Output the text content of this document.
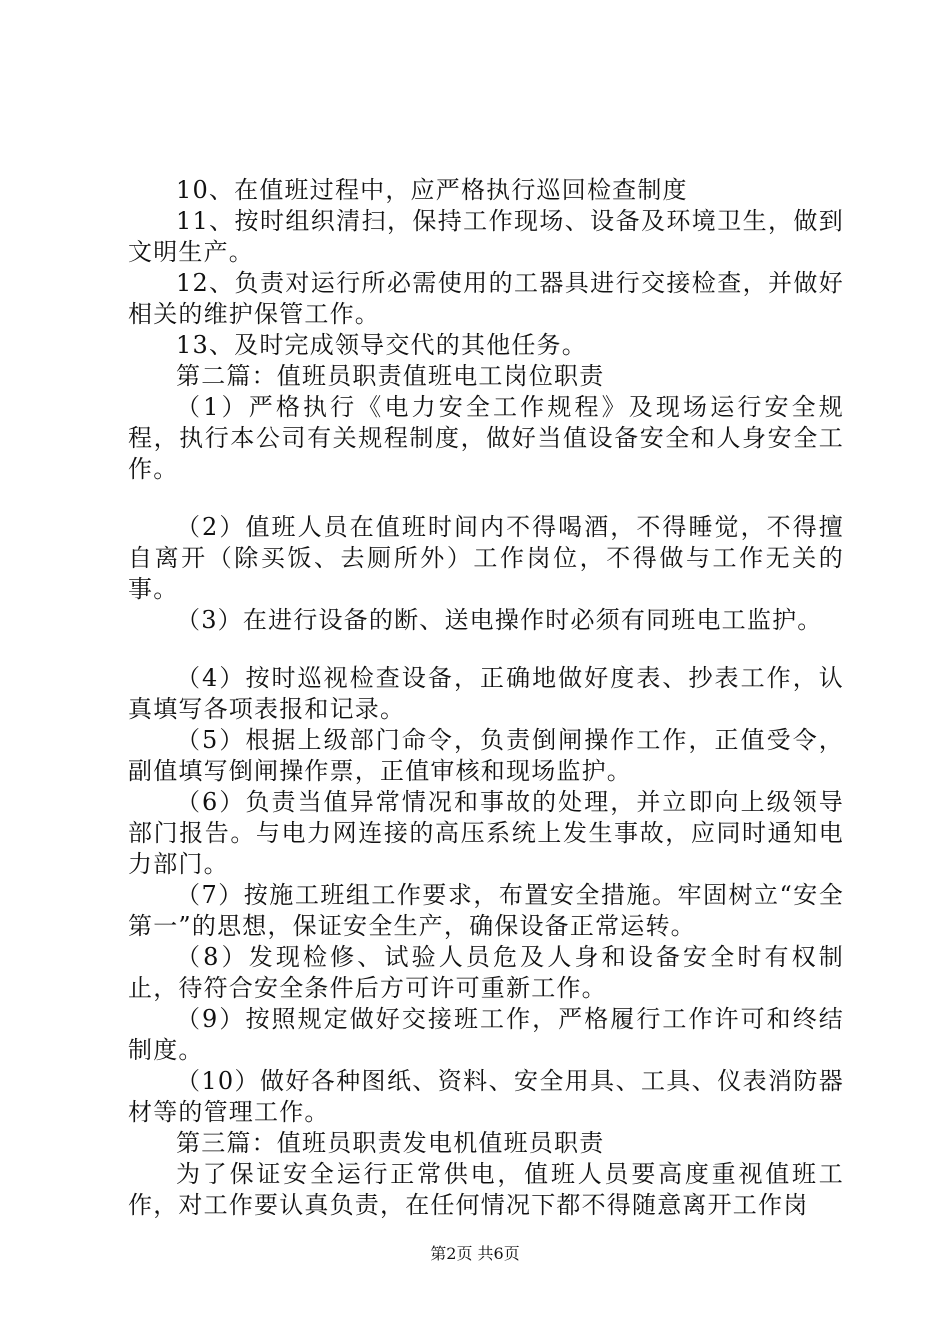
10、在值班过程中，应严格执行巡回检查制度

11、按时组织清扫，保持工作现场、设备及环境卫生，做到文明生产。

12、负责对运行所必需使用的工器具进行交接检查，并做好相关的维护保管工作。

13、及时完成领导交代的其他任务。

第二篇：值班员职责值班电工岗位职责

（1）严格执行《电力安全工作规程》及现场运行安全规程，执行本公司有关规程制度，做好当值设备安全和人身安全工作。

（2）值班人员在值班时间内不得喝酒，不得睡觉，不得擅自离开（除买饭、去厕所外）工作岗位，不得做与工作无关的事。

（3）在进行设备的断、送电操作时必须有同班电工监护。

（4）按时巡视检查设备，正确地做好度表、抄表工作，认真填写各项表报和记录。

（5）根据上级部门命令，负责倒闸操作工作，正值受令，副值填写倒闸操作票，正值审核和现场监护。

（6）负责当值异常情况和事故的处理，并立即向上级领导部门报告。与电力网连接的高压系统上发生事故，应同时通知电力部门。

（7）按施工班组工作要求，布置安全措施。牢固树立“安全第一”的思想，保证安全生产，确保设备正常运转。

（8）发现检修、试验人员危及人身和设备安全时有权制止，待符合安全条件后方可许可重新工作。

（9）按照规定做好交接班工作，严格履行工作许可和终结制度。

（10）做好各种图纸、资料、安全用具、工具、仪表消防器材等的管理工作。

第三篇：值班员职责发电机值班员职责

为了保证安全运行正常供电，值班人员要高度重视值班工作，对工作要认真负责，在任何情况下都不得随意离开工作岗

第2页 共6页
